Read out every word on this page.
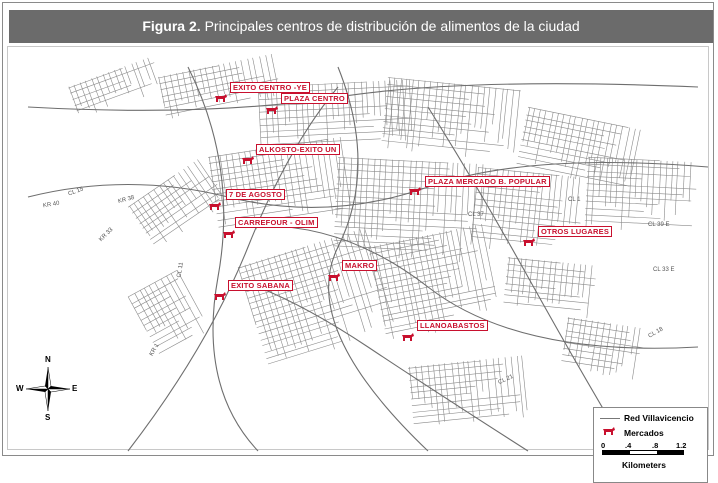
Figura 2. Principales centros de distribución de alimentos de la ciudad
EXITO CENTRO -YE
PLAZA CENTRO
ALKOSTO-EXITO UN
PLAZA MERCADO B. POPULAR
7 DE AGOSTO
CARREFOUR - OLIM
OTROS LUGARES
MAKRO
EXITO SABANA
LLANOABASTOS
CL 15
KR 38
KR 40
KR 33
CL 37
CL 39 E
CL 33 E
CL 18
KR 1
CL 11
CL 21
CL 1
N
S
E
W
Red Villavicencio
Mercados
0	.4	.8 1.2
Kilometers
